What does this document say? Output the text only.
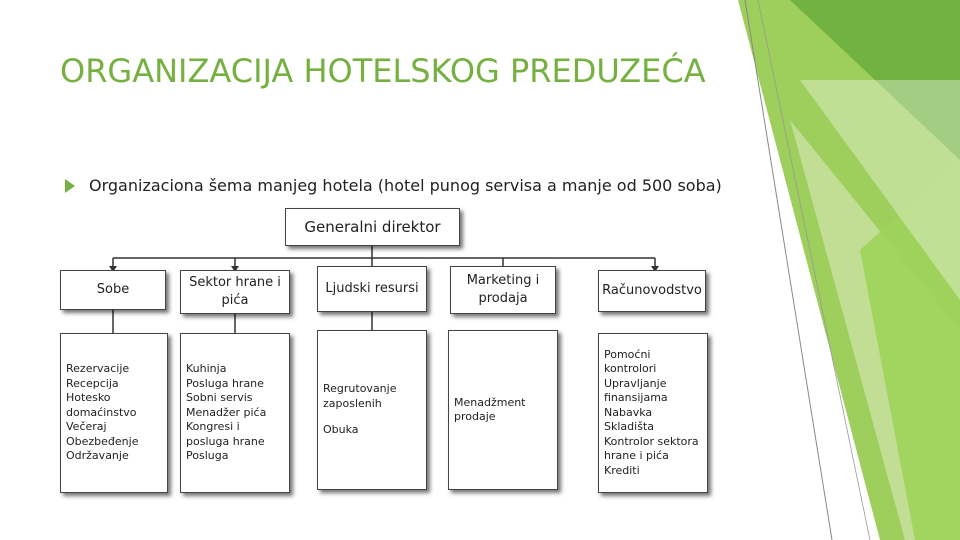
ORGANIZACIJA HOTELSKOG PREDUZEĆA
Organizaciona šema manjeg hotela (hotel punog servisa a manje od 500 soba)
Generalni direktor
Sobe	Sektor hrane i pića
Ljudski resursi
Marketing i prodaja
Računovodstvo
Rezervacije
Recepcija
Hotesko domaćinstvo
Večeraj
Obezbeđenje
Održavanje
Kuhinja
Posluga hrane
Sobni servis
Menadžer pića
Kongresi i posluga hrane
Posluga
Regrutovanje zaposlenih
Obuka
Menadžment prodaje
Pomoćni kontrolori
Upravljanje finansijama
Nabavka
Skladišta
Kontrolor sektora hrane i pića
Krediti
